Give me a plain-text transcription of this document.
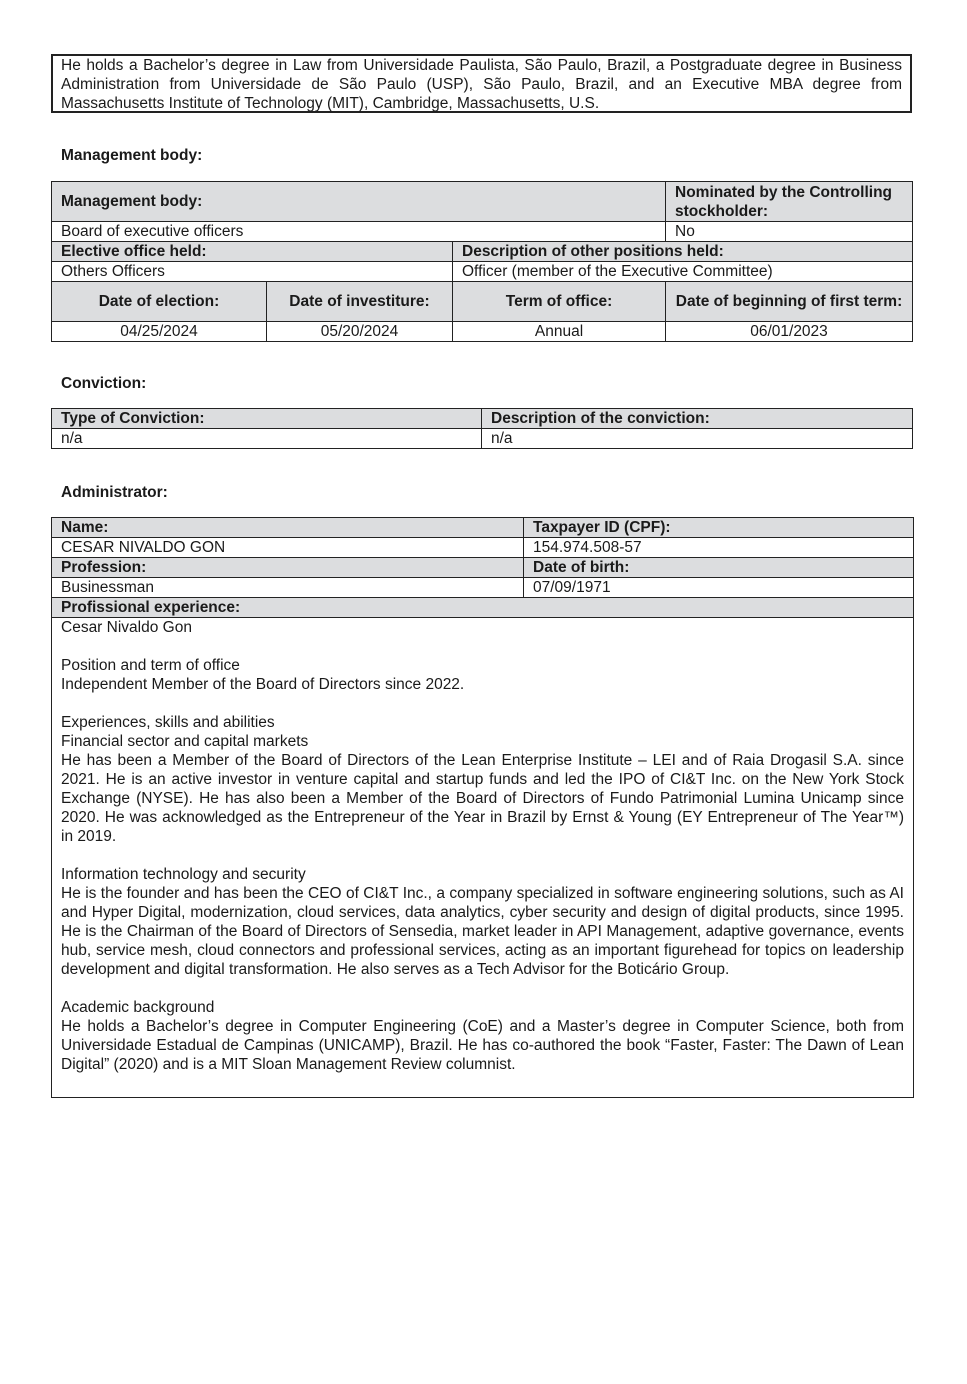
He holds a Bachelor’s degree in Law from Universidade Paulista, São Paulo, Brazil, a Postgraduate degree in Business Administration from Universidade de São Paulo (USP), São Paulo, Brazil, and an Executive MBA degree from Massachusetts Institute of Technology (MIT), Cambridge, Massachusetts, U.S.

Management body:
Management body:			Nominated by the Controlling stockholder:
Board of executive officers			No
Elective office held:		Description of other positions held:	
Others Officers		Officer (member of the Executive Committee)	
Date of election:	Date of investiture:	Term of office:	Date of beginning of first term:
04/25/2024	05/20/2024	Annual	06/01/2023
Conviction:
Type of Conviction:	Description of the conviction:
n/a	n/a
Administrator:
Name:	Taxpayer ID (CPF):
CESAR NIVALDO GON	154.974.508-57
Profession:	Date of birth:
Businessman	07/09/1971
Profissional experience:	

Cesar Nivaldo Gon

Position and term of office

Independent Member of the Board of Directors since 2022.

Experiences, skills and abilities

Financial sector and capital markets

He has been a Member of the Board of Directors of the Lean Enterprise Institute – LEI and of Raia Drogasil S.A. since 2021. He is an active investor in venture capital and startup funds and led the IPO of CI&T Inc. on the New York Stock Exchange (NYSE). He has also been a Member of the Board of Directors of Fundo Patrimonial Lumina Unicamp since 2020. He was acknowledged as the Entrepreneur of the Year in Brazil by Ernst & Young (EY Entrepreneur of The Year™) in 2019.

Information technology and security

He is the founder and has been the CEO of CI&T Inc., a company specialized in software engineering solutions, such as AI and Hyper Digital, modernization, cloud services, data analytics, cyber security and design of digital products, since 1995. He is the Chairman of the Board of Directors of Sensedia, market leader in API Management, adaptive governance, events hub, service mesh, cloud connectors and professional services, acting as an important figurehead for topics on leadership development and digital transformation. He also serves as a Tech Advisor for the Boticário Group.

Academic background

He holds a Bachelor’s degree in Computer Engineering (CoE) and a Master’s degree in Computer Science, both from Universidade Estadual de Campinas (UNICAMP), Brazil. He has co-authored the book “Faster, Faster: The Dawn of Lean Digital” (2020) and is a MIT Sloan Management Review columnist.
